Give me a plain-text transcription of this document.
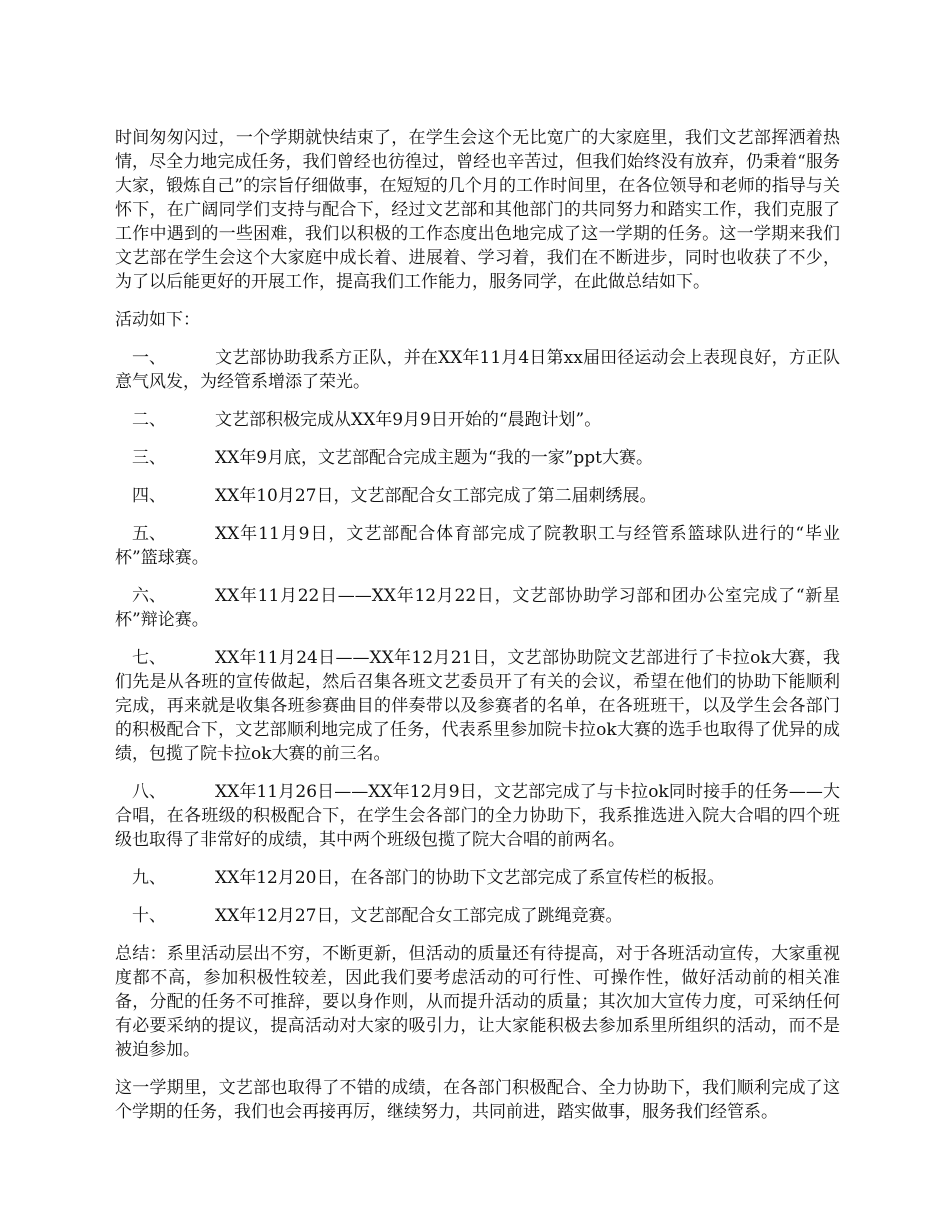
时间匆匆闪过，一个学期就快结束了，在学生会这个无比宽广的大家庭里，我们文艺部挥洒着热情，尽全力地完成任务，我们曾经也彷徨过，曾经也辛苦过，但我们始终没有放弃，仍秉着“服务大家，锻炼自己”的宗旨仔细做事，在短短的几个月的工作时间里，在各位领导和老师的指导与关怀下，在广阔同学们支持与配合下，经过文艺部和其他部门的共同努力和踏实工作，我们克服了工作中遇到的一些困难，我们以积极的工作态度出色地完成了这一学期的任务。这一学期来我们文艺部在学生会这个大家庭中成长着、进展着、学习着，我们在不断进步，同时也收获了不少，为了以后能更好的开展工作，提高我们工作能力，服务同学，在此做总结如下。

活动如下：

一、	文艺部协助我系方正队，并在XX年11月4日第xx届田径运动会上表现良好，方正队意气风发，为经管系增添了荣光。

二、	文艺部积极完成从XX年9月9日开始的“晨跑计划”。

三、	XX年9月底，文艺部配合完成主题为“我的一家”ppt大赛。

四、	XX年10月27日，文艺部配合女工部完成了第二届刺绣展。

五、	XX年11月9日，文艺部配合体育部完成了院教职工与经管系篮球队进行的“毕业杯”篮球赛。

六、	XX年11月22日——XX年12月22日，文艺部协助学习部和团办公室完成了“新星杯”辩论赛。

七、	XX年11月24日——XX年12月21日，文艺部协助院文艺部进行了卡拉ok大赛，我们先是从各班的宣传做起，然后召集各班文艺委员开了有关的会议，希望在他们的协助下能顺利完成，再来就是收集各班参赛曲目的伴奏带以及参赛者的名单，在各班班干，以及学生会各部门的积极配合下，文艺部顺利地完成了任务，代表系里参加院卡拉ok大赛的选手也取得了优异的成绩，包揽了院卡拉ok大赛的前三名。

八、	XX年11月26日——XX年12月9日，文艺部完成了与卡拉ok同时接手的任务——大合唱，在各班级的积极配合下，在学生会各部门的全力协助下，我系推选进入院大合唱的四个班级也取得了非常好的成绩，其中两个班级包揽了院大合唱的前两名。

九、	XX年12月20日，在各部门的协助下文艺部完成了系宣传栏的板报。

十、	XX年12月27日，文艺部配合女工部完成了跳绳竞赛。

总结：系里活动层出不穷，不断更新，但活动的质量还有待提高，对于各班活动宣传，大家重视度都不高，参加积极性较差，因此我们要考虑活动的可行性、可操作性，做好活动前的相关准备，分配的任务不可推辞，要以身作则，从而提升活动的质量；其次加大宣传力度，可采纳任何有必要采纳的提议，提高活动对大家的吸引力，让大家能积极去参加系里所组织的活动，而不是被迫参加。

这一学期里，文艺部也取得了不错的成绩，在各部门积极配合、全力协助下，我们顺利完成了这个学期的任务，我们也会再接再厉，继续努力，共同前进，踏实做事，服务我们经管系。
